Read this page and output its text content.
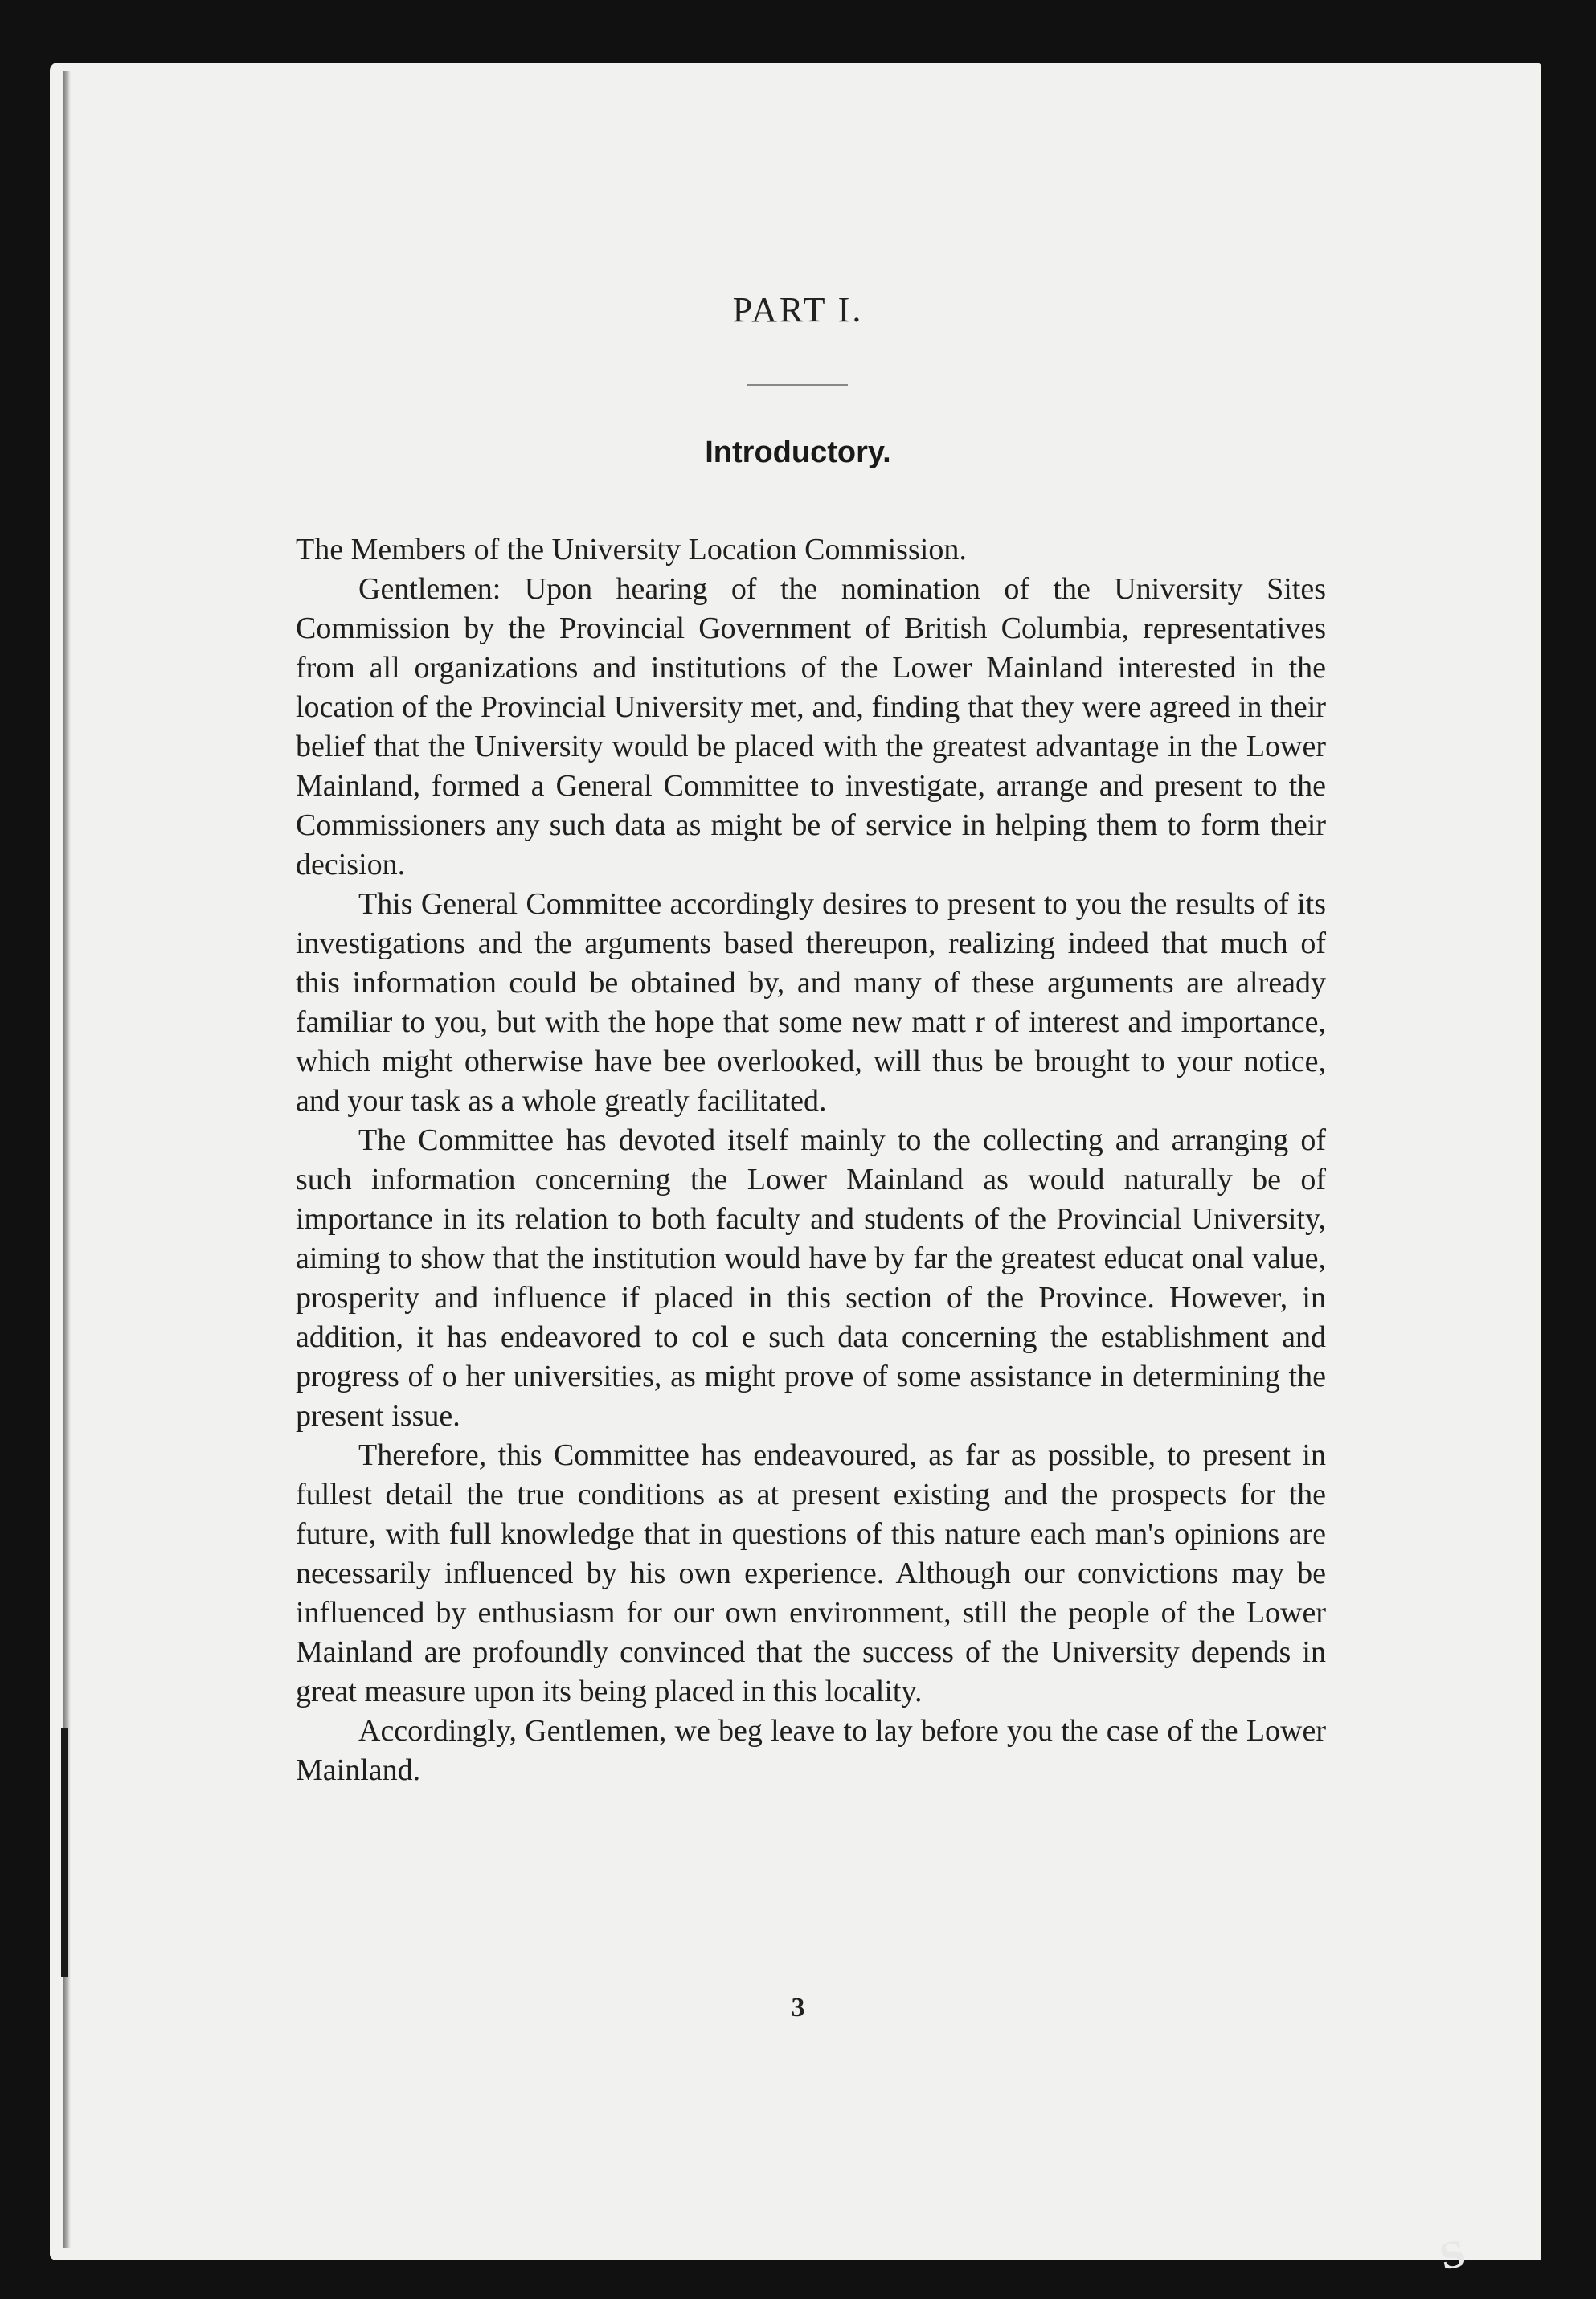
PART I.
Introductory.

The Members of the University Location Commission.

Gentlemen: Upon hearing of the nomination of the University Sites Commission by the Provincial Government of British Columbia, representatives from all organizations and institutions of the Lower Mainland interested in the location of the Provincial University met, and, finding that they were agreed in their belief that the University would be placed with the greatest advantage in the Lower Mainland, formed a General Committee to investigate, arrange and present to the Commissioners any such data as might be of service in helping them to form their decision.

This General Committee accordingly desires to present to you the results of its investigations and the arguments based thereupon, realizing indeed that much of this information could be obtained by, and many of these arguments are already familiar to you, but with the hope that some new matt r of interest and importance, which might otherwise have bee overlooked, will thus be brought to your notice, and your task as a whole greatly facilitated.

The Committee has devoted itself mainly to the collecting and arranging of such information concerning the Lower Mainland as would naturally be of importance in its relation to both faculty and students of the Provincial University, aiming to show that the institution would have by far the greatest educat onal value, prosperity and influence if placed in this section of the Province. However, in addition, it has endeavored to col e such data concerning the establishment and progress of o her universities, as might prove of some assistance in determining the present issue.

Therefore, this Committee has endeavoured, as far as possible, to present in fullest detail the true conditions as at present existing and the prospects for the future, with full knowledge that in questions of this nature each man's opinions are necessarily influenced by his own experience. Although our convictions may be influenced by enthusiasm for our own environment, still the people of the Lower Mainland are profoundly convinced that the success of the University depends in great measure upon its being placed in this locality.

Accordingly, Gentlemen, we beg leave to lay before you the case of the Lower Mainland.

3
S
